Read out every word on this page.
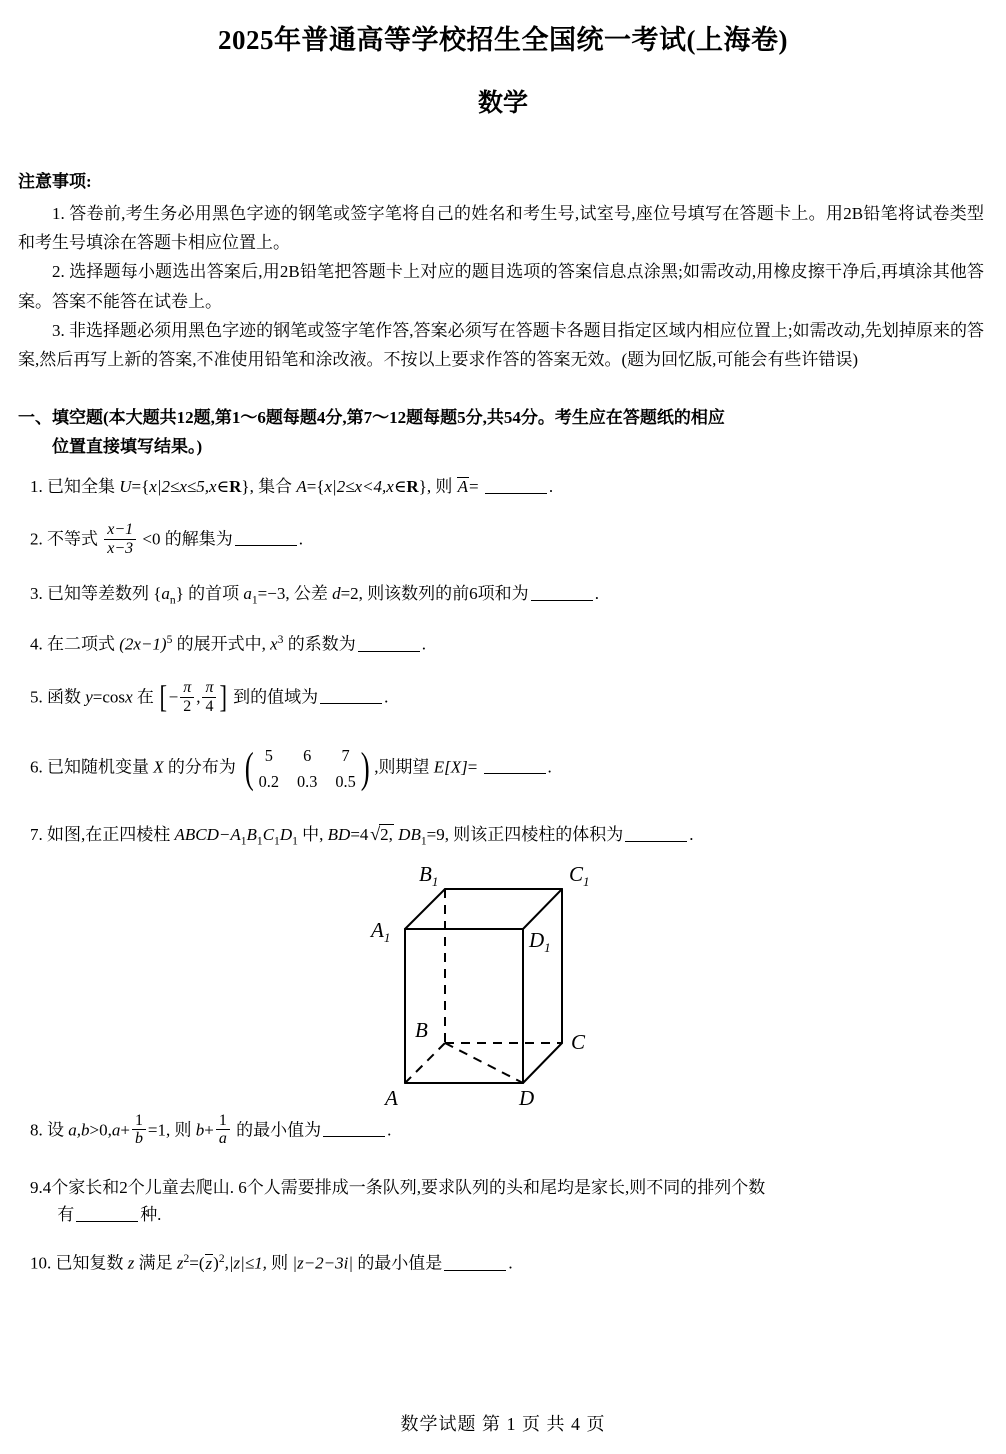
2025年普通高等学校招生全国统一考试(上海卷)
数学
注意事项:

1. 答卷前,考生务必用黑色字迹的钢笔或签字笔将自己的姓名和考生号,试室号,座位号填写在答题卡上。用2B铅笔将试卷类型和考生号填涂在答题卡相应位置上。

2. 选择题每小题选出答案后,用2B铅笔把答题卡上对应的题目选项的答案信息点涂黑;如需改动,用橡皮擦干净后,再填涂其他答案。答案不能答在试卷上。

3. 非选择题必须用黑色字迹的钢笔或签字笔作答,答案必须写在答题卡各题目指定区域内相应位置上;如需改动,先划掉原来的答案,然后再写上新的答案,不准使用铅笔和涂改液。不按以上要求作答的答案无效。(题为回忆版,可能会有些许错误)

一、填空题(本大题共12题,第1～6题每题4分,第7～12题每题5分,共54分。考生应在答题纸的相应
位置直接填写结果。)
1. 已知全集 U={x|2≤x≤5,x∈R}, 集合 A={x|2≤x<4,x∈R}, 则 A=	.
2. 不等式 $\frac{x-1}{x-3} <0$ 的解集为	.
3. 已知等差数列 $\{a_n\}$ 的首项 $a_1=-3$, 公差 d=2, 则该数列的前6项和为	.
4. 在二项式 $(2x-1)^5$ 的展开式中, $x^3$ 的系数为	.
5. 函数 y=cosx 在 [− $\frac{\pi}{2}$ , $\frac{\pi}{4}$ ] 到的值域为	.
6. 已知随机变量 X 的分布为 ( 5	6	7
0.2 0.3 0.5 ) ,则期望 E[X]=	.
7. 如图,在正四棱柱 $ABCD-A_1B_1C_1D_1$ 中, BD=4√2, $DB_1=9$, 则该正四棱柱的体积为	.
$A_1$
$B_1$	$C_1$
$D_1$
B	C
A	D
8. 设 $a,b>0,a+ \frac{1}{b} =1$, 则 $b+ \frac{1}{a}$ 的最小值为	.
9.4个家长和2个儿童去爬山. 6个人需要排成一条队列,要求队列的头和尾均是家长,则不同的排列个数
有	种.
10. 已知复数 z 满足 $z^2=(z)^2,|z|\le 1$, 则 |z−2−3i| 的最小值是	.
数学试题 第 1 页 共 4 页
